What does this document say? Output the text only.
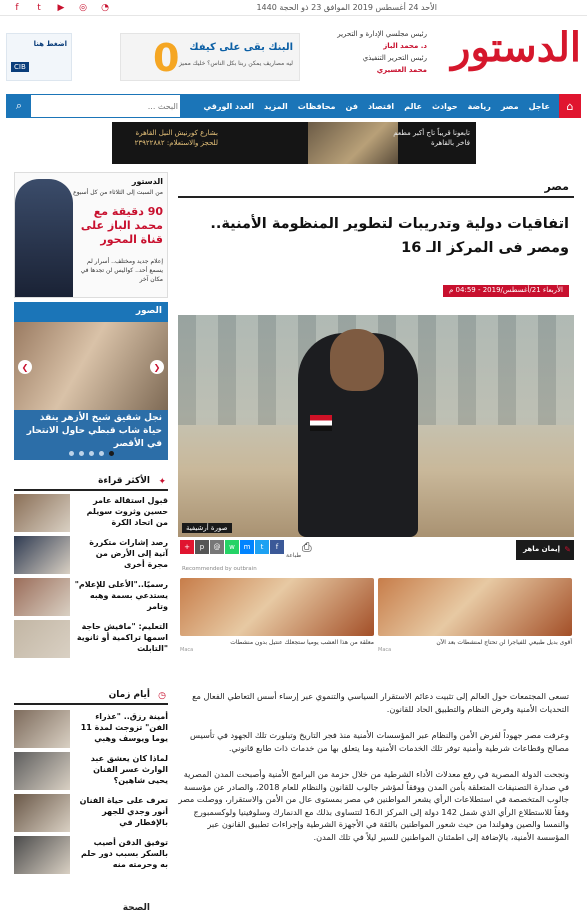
f	t	▶	◎	◔	الأحد 24 أغسطس 2019 الموافق 23 ذو الحجة 1440
الدستور
رئيس مجلسي الإدارة و التحرير
د. محمد الباز
رئيس التحرير التنفيذي
محمد العسيري
0 البنك بقى على كيفك
ليه مصاريف يمكن ربنا بكل الناس؟ خليك مميز
اضغط هنا
CIB
⌂
عاجل
مصر
رياضة
حوادث
عالم
اقتصاد
فن
محافظات
المزيد
العدد الورقي
⌕
البحث ...
تابعونا قريباً تاج أكبر مطعم فاخر بالقاهرة
بشارع كورنيش النيل القاهرة للحجز والاستعلام: ٢٣٩٢٢٨٨٢
الدستور
من السبت إلى الثلاثاء من كل أسبوع
90 دقيقة مع محمد الباز على قناة المحور
إعلام جديد ومختلف.. أسرار لم يسمع أحد.. كواليس لن تجدها في مكان آخر
الصور
❮	❯
نجل شقيق شيخ الأزهر ينقذ حياة شاب قبطي حاول الانتحار في الأقصر
✦
الأكثر قراءة
قبول استقالة عامر حسين وثروت سويلم من اتحاد الكرة
رصد إشارات متكررة آتية إلى الأرض من مجرة أخرى
رسميًا.."الأعلى للإعلام" يستدعي بسمة وهبه وتامر
التعليم: "مافيش حاجة اسمها تراكمية أو ثانوية التابلت"
◷
أيام زمان
أمينة رزق.. "عذراء الفن" تزوجت لمدة 11 يوما ويوسف وهبي
لماذا كان يعشق عبد الوارث عسر الفنان يحيى شاهين؟
تعرف على حياة الفنان أنور وجدي للجهر بالإفطار في
توفيق الدقن أصيب بالسكر بسبب دور حلم به وحرمته منه
الصحة
مصر
اتفاقيات دولية وتدريبات لتطوير المنظومة الأمنية.. ومصر فى المركز الـ 16
الأربعاء 21/أغسطس/2019 - 04:59 م
صورة أرشيفية
+	p	@	w	m	t	f	⎙
طباعة
إيمان ماهر ✎
Recommended by outbrain
أقوى بديل طبيعي للفياجرا لن تحتاج لمنشطات بعد الآن
Maca
معلقة من هذا العشب يوميا ستجعلك عنتيل بدون منشطات
Maca

تسعى المجتمعات حول العالم إلى تثبيت دعائم الاستقرار السياسي والتنموي عبر إرساء أسس التعاطي الفعال مع التحديات الأمنية وفرض النظام والتطبيق الحاد للقانون.

وعرفت مصر جهوداً لفرض الأمن والنظام عبر المؤسسات الأمنية منذ فجر التاريخ وتبلورت تلك الجهود في تأسيس مصالح وقطاعات شرطية وأمنية توفر تلك الخدمات الأمنية وما يتعلق بها من خدمات ذات طابع قانوني.

ونجحت الدولة المصرية في رفع معدلات الأداء الشرطية من خلال حزمة من البرامج الأمنية وأصبحت المدن المصرية في صدارة التصنيفات المتعلقة بأمن المدن ووفقاً لمؤشر جالوب للقانون والنظام للعام 2018، والصادر عن مؤسسة جالوب المتخصصة في استطلاعات الرأي يشعر المواطنين في مصر بمستوى عال من الأمن والاستقرار، ووصلت مصر وفقاً للاستطلاع الرأي الذي شمل 142 دولة إلى المركز الـ16 لتتساوى بذلك مع الدنمارك وسلوفينيا ولوكسمبورج والنمسا والصين وهولندا من حيث شعور المواطنين بالثقة في الأجهزة الشرطية وإجراءات تطبيق القانون عبر المؤسسة الأمنية، بالإضافة إلى اطمئنان المواطنين للسير ليلاً في تلك المدن.
